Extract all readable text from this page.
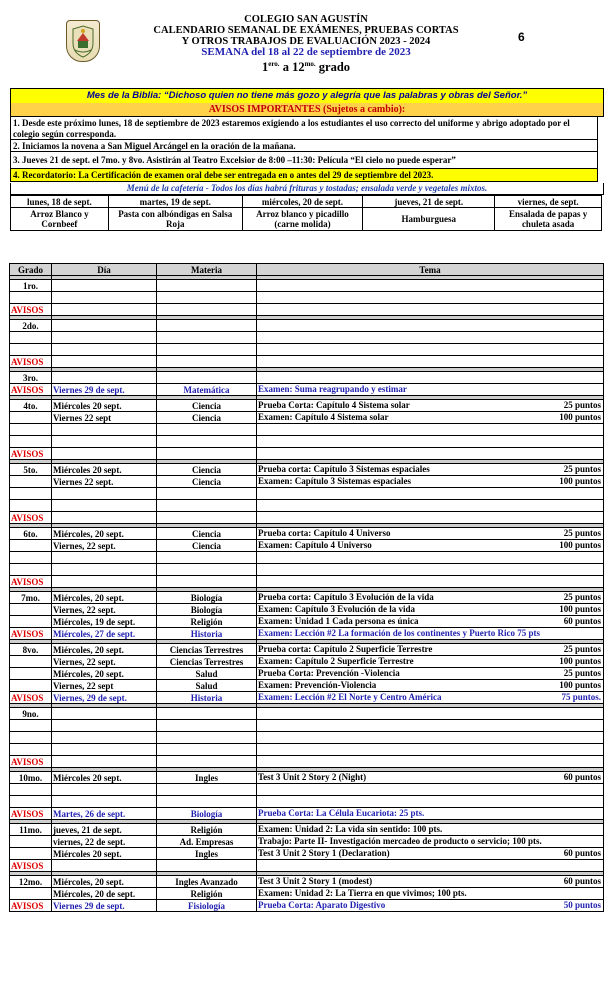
6
COLEGIO SAN AGUSTÍN
CALENDARIO SEMANAL DE EXÁMENES, PRUEBAS CORTAS
Y OTROS TRABAJOS DE EVALUACIÓN 2023 - 2024
SEMANA del 18 al 22 de septiembre de 2023
$1^{ero.}$ a $12^{mo.}$ grado
Mes de la Biblia: “Dichoso quien no tiene más gozo y alegría que las palabras y obras del Señor.”
AVISOS IMPORTANTES (Sujetos a cambio):
1. Desde este próximo lunes, 18 de septiembre de 2023 estaremos exigiendo a los estudiantes el uso correcto del uniforme y abrigo adoptado por el colegio según corresponda.
2. Iniciamos la novena a San Miguel Arcángel en la oración de la mañana.
3. Jueves 21 de sept. el 7mo. y 8vo. Asistirán al Teatro Excelsior de 8:00 –11:30: Película “El cielo no puede esperar”
4. Recordatorio: La Certificación de examen oral debe ser entregada en o antes del 29 de septiembre del 2023.
Menú de la cafetería - Todos los días habrá frituras y tostadas; ensalada verde y vegetales mixtos.
lunes, 18 de sept.	martes, 19 de sept.	miércoles, 20 de sept.	jueves, 21 de sept.	viernes, de sept.
Arroz Blanco y Cornbeef	Pasta con albóndigas en Salsa Roja	Arroz blanco y picadillo (carne molida)	Hamburguesa	Ensalada de papas y chuleta asada
Grado	Día	Materia	Tema

1ro.			

AVISOS			

2do.			

AVISOS			

3ro.			
AVISOS	Viernes 29 de sept.	Matemática	Examen: Suma reagrupando y estimar

4to.	Miércoles 20 sept.	Ciencia	Prueba Corta: Capítulo 4 Sistema solar 25 puntos

	Viernes 22 sept	Ciencia	Examen: Capítulo 4 Sistema solar 100 puntos

AVISOS			

5to.	Miércoles 20 sept.	Ciencia	Prueba corta: Capítulo 3 Sistemas espaciales 25 puntos

	Viernes 22 sept.	Ciencia	Examen: Capítulo 3 Sistemas espaciales 100 puntos

AVISOS			

6to.	Miércoles, 20 sept.	Ciencia	Prueba corta: Capítulo 4 Universo 25 puntos

	Viernes, 22 sept.	Ciencia	Examen: Capítulo 4 Universo 100 puntos

AVISOS			

7mo.	Miércoles, 20 sept.	Biología	Prueba corta: Capítulo 3 Evolución de la vida 25 puntos

	Viernes, 22 sept.	Biología	Examen: Capítulo 3 Evolución de la vida 100 puntos

	Miércoles, 19 de sept.	Religión	Examen: Unidad 1 Cada persona es única 60 puntos

AVISOS	Miércoles, 27 de sept.	Historia	Examen: Lección #2 La formación de los continentes y Puerto Rico 75 pts

8vo.	Miércoles, 20 sept.	Ciencias Terrestres	Prueba corta: Capítulo 2 Superficie Terrestre 25 puntos

	Viernes, 22 sept.	Ciencias Terrestres	Examen: Capítulo 2 Superficie Terrestre 100 puntos

	Miércoles, 20 sept.	Salud	Prueba Corta: Prevención -Violencia 25 puntos

	Viernes, 22 sept	Salud	Examen: Prevención-Violencia 100 puntos

AVISOS	Viernes, 29 de sept.	Historia	Examen: Lección #2 El Norte y Centro América 75 puntos.

9no.			

AVISOS			

10mo.	Miércoles 20 sept.	Ingles	Test 3 Unit 2 Story 2 (Night) 60 puntos

AVISOS	Martes, 26 de sept.	Biología	Prueba Corta: La Célula Eucariota: 25 pts.

11mo.	jueves, 21 de sept.	Religión	Examen: Unidad 2: La vida sin sentido: 100 pts.

	viernes, 22 de sept.	Ad. Empresas	Trabajo: Parte II- Investigación mercadeo de producto o servicio; 100 pts.

	Miércoles 20 sept.	Ingles	Test 3 Unit 2 Story 1 (Declaration) 60 puntos

AVISOS			

12mo.	Miércoles, 20 sept.	Ingles Avanzado	Test 3 Unit 2 Story 1 (modest) 60 puntos

	Miércoles, 20 de sept.	Religión	Examen: Unidad 2: La Tierra en que vivimos; 100 pts.

AVISOS	Viernes 29 de sept.	Fisiología	Prueba Corta: Aparato Digestivo 50 puntos
